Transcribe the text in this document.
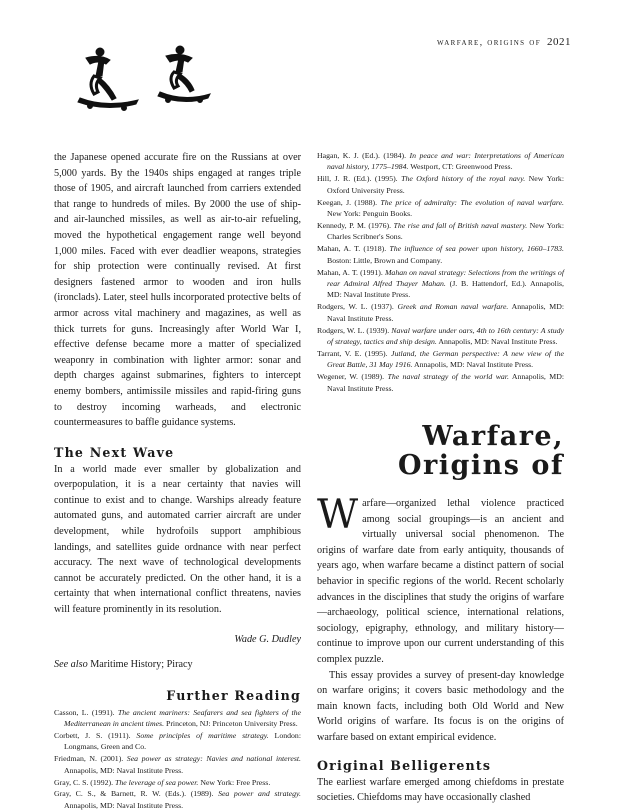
warfare, origins of 2021

the Japanese opened accurate fire on the Russians at over 5,000 yards. By the 1940s ships engaged at ranges triple those of 1905, and aircraft launched from carriers extended that range to hundreds of miles. By 2000 the use of ship- and air-launched missiles, as well as air-to-air refueling, moved the hypothetical engagement range well beyond 1,000 miles. Faced with ever deadlier weapons, strategies for ship protection were continually revised. At first designers fastened armor to wooden and iron hulls (ironclads). Later, steel hulls incorporated protective belts of armor across vital machinery and magazines, as well as thick turrets for guns. Increasingly after World War I, effective defense became more a matter of specialized weaponry in combination with lighter armor: sonar and depth charges against submarines, fighters to intercept enemy bombers, antimissile missiles and rapid-firing guns to destroy incoming warheads, and electronic countermeasures to baffle guidance systems.

The Next Wave

In a world made ever smaller by globalization and overpopulation, it is a near certainty that navies will continue to exist and to change. Warships already feature automated guns, and automated carrier aircraft are under development, while hydrofoils support amphibious landings, and satellites guide ordnance with near perfect accuracy. The next wave of technological developments cannot be accurately predicted. On the other hand, it is a certainty that when international conflict threatens, navies will feature prominently in its resolution.

Wade G. Dudley
See also Maritime History; Piracy
Further Reading
Casson, L. (1991). The ancient mariners: Seafarers and sea fighters of the Mediterranean in ancient times. Princeton, NJ: Princeton University Press.
Corbett, J. S. (1911). Some principles of maritime strategy. London: Longmans, Green and Co.
Friedman, N. (2001). Sea power as strategy: Navies and national interest. Annapolis, MD: Naval Institute Press.
Gray, C. S. (1992). The leverage of sea power. New York: Free Press.
Gray, C. S., & Barnett, R. W. (Eds.). (1989). Sea power and strategy. Annapolis, MD: Naval Institute Press.
Hagan, K. J. (Ed.). (1984). In peace and war: Interpretations of American naval history, 1775–1984. Westport, CT: Greenwood Press.
Hill, J. R. (Ed.). (1995). The Oxford history of the royal navy. New York: Oxford University Press.
Keegan, J. (1988). The price of admiralty: The evolution of naval warfare. New York: Penguin Books.
Kennedy, P. M. (1976). The rise and fall of British naval mastery. New York: Charles Scribner's Sons.
Mahan, A. T. (1918). The influence of sea power upon history, 1660–1783. Boston: Little, Brown and Company.
Mahan, A. T. (1991). Mahan on naval strategy: Selections from the writings of rear Admiral Alfred Thayer Mahan. (J. B. Hattendorf, Ed.). Annapolis, MD: Naval Institute Press.
Rodgers, W. L. (1937). Greek and Roman naval warfare. Annapolis, MD: Naval Institute Press.
Rodgers, W. L. (1939). Naval warfare under oars, 4th to 16th century: A study of strategy, tactics and ship design. Annapolis, MD: Naval Institute Press.
Tarrant, V. E. (1995). Jutland, the German perspective: A new view of the Great Battle, 31 May 1916. Annapolis, MD: Naval Institute Press.
Wegener, W. (1989). The naval strategy of the world war. Annapolis, MD: Naval Institute Press.
Warfare,
Origins of

Warfare—organized lethal violence practiced among social groupings—is an ancient and virtually universal social phenomenon. The origins of warfare date from early antiquity, thousands of years ago, when warfare became a distinct pattern of social behavior in specific regions of the world. Recent scholarly advances in the disciplines that study the origins of warfare—archaeology, political science, international relations, sociology, epigraphy, ethnology, and military history—continue to improve upon our current understanding of this complex puzzle.

This essay provides a survey of present-day knowledge on warfare origins; it covers basic methodology and the main known facts, including both Old World and New World origins of warfare. Its focus is on the origins of warfare based on extant empirical evidence.

Original Belligerents

The earliest warfare emerged among chiefdoms in prestate societies. Chiefdoms may have occasionally clashed
